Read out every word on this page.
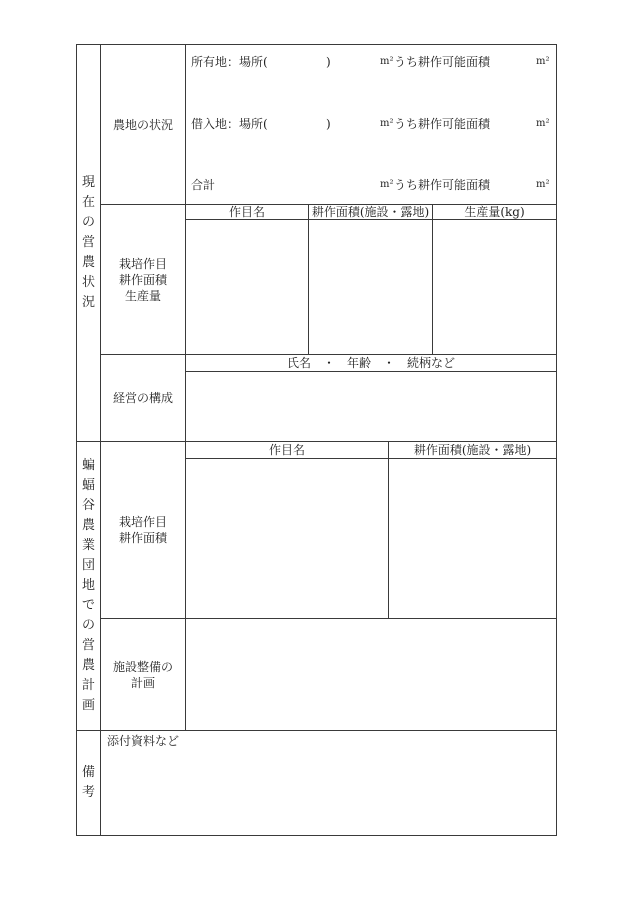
現在の営農状況
農地の状況
所有地：場所(	)	m² うち耕作可能面積	m²
借入地：場所(	)	m² うち耕作可能面積	m²
合計	m² うち耕作可能面積	m²
栽培作目
耕作面積
生産量
作目名	耕作面積(施設・露地)	生産量(kg)
経営の構成
氏名　・　年齢　・　続柄など
蝙蝠谷農業団地での営農計画
栽培作目
耕作面積
作目名	耕作面積(施設・露地)
施設整備の
計画
備考
添付資料など
